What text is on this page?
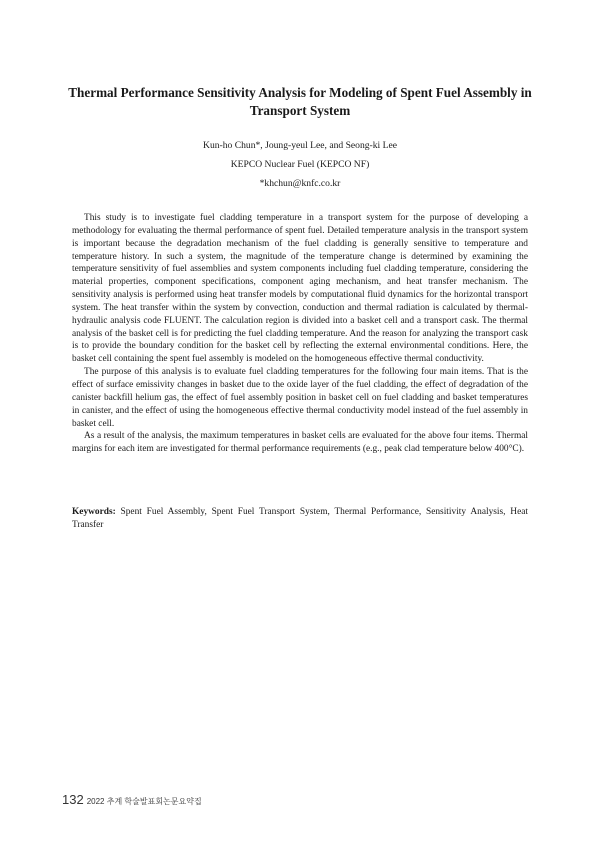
Thermal Performance Sensitivity Analysis for Modeling of Spent Fuel Assembly in Transport System

Kun-ho Chun*, Joung-yeul Lee, and Seong-ki Lee

KEPCO Nuclear Fuel (KEPCO NF)

*khchun@knfc.co.kr

This study is to investigate fuel cladding temperature in a transport system for the purpose of developing a methodology for evaluating the thermal performance of spent fuel. Detailed temperature analysis in the transport system is important because the degradation mechanism of the fuel cladding is generally sensitive to temperature and temperature history. In such a system, the magnitude of the temperature change is determined by examining the temperature sensitivity of fuel assemblies and system components including fuel cladding temperature, considering the material properties, component specifications, component aging mechanism, and heat transfer mechanism. The sensitivity analysis is performed using heat transfer models by computational fluid dynamics for the horizontal transport system. The heat transfer within the system by convection, conduction and thermal radiation is calculated by thermal-hydraulic analysis code FLUENT. The calculation region is divided into a basket cell and a transport cask. The thermal analysis of the basket cell is for predicting the fuel cladding temperature. And the reason for analyzing the transport cask is to provide the boundary condition for the basket cell by reflecting the external environmental conditions. Here, the basket cell containing the spent fuel assembly is modeled on the homogeneous effective thermal conductivity.

The purpose of this analysis is to evaluate fuel cladding temperatures for the following four main items. That is the effect of surface emissivity changes in basket due to the oxide layer of the fuel cladding, the effect of degradation of the canister backfill helium gas, the effect of fuel assembly position in basket cell on fuel cladding and basket temperatures in canister, and the effect of using the homogeneous effective thermal conductivity model instead of the fuel assembly in basket cell.

As a result of the analysis, the maximum temperatures in basket cells are evaluated for the above four items. Thermal margins for each item are investigated for thermal performance requirements (e.g., peak clad temperature below 400°C).

Keywords: Spent Fuel Assembly, Spent Fuel Transport System, Thermal Performance, Sensitivity Analysis, Heat Transfer

132 2022 추계 학술발표회논문요약집
